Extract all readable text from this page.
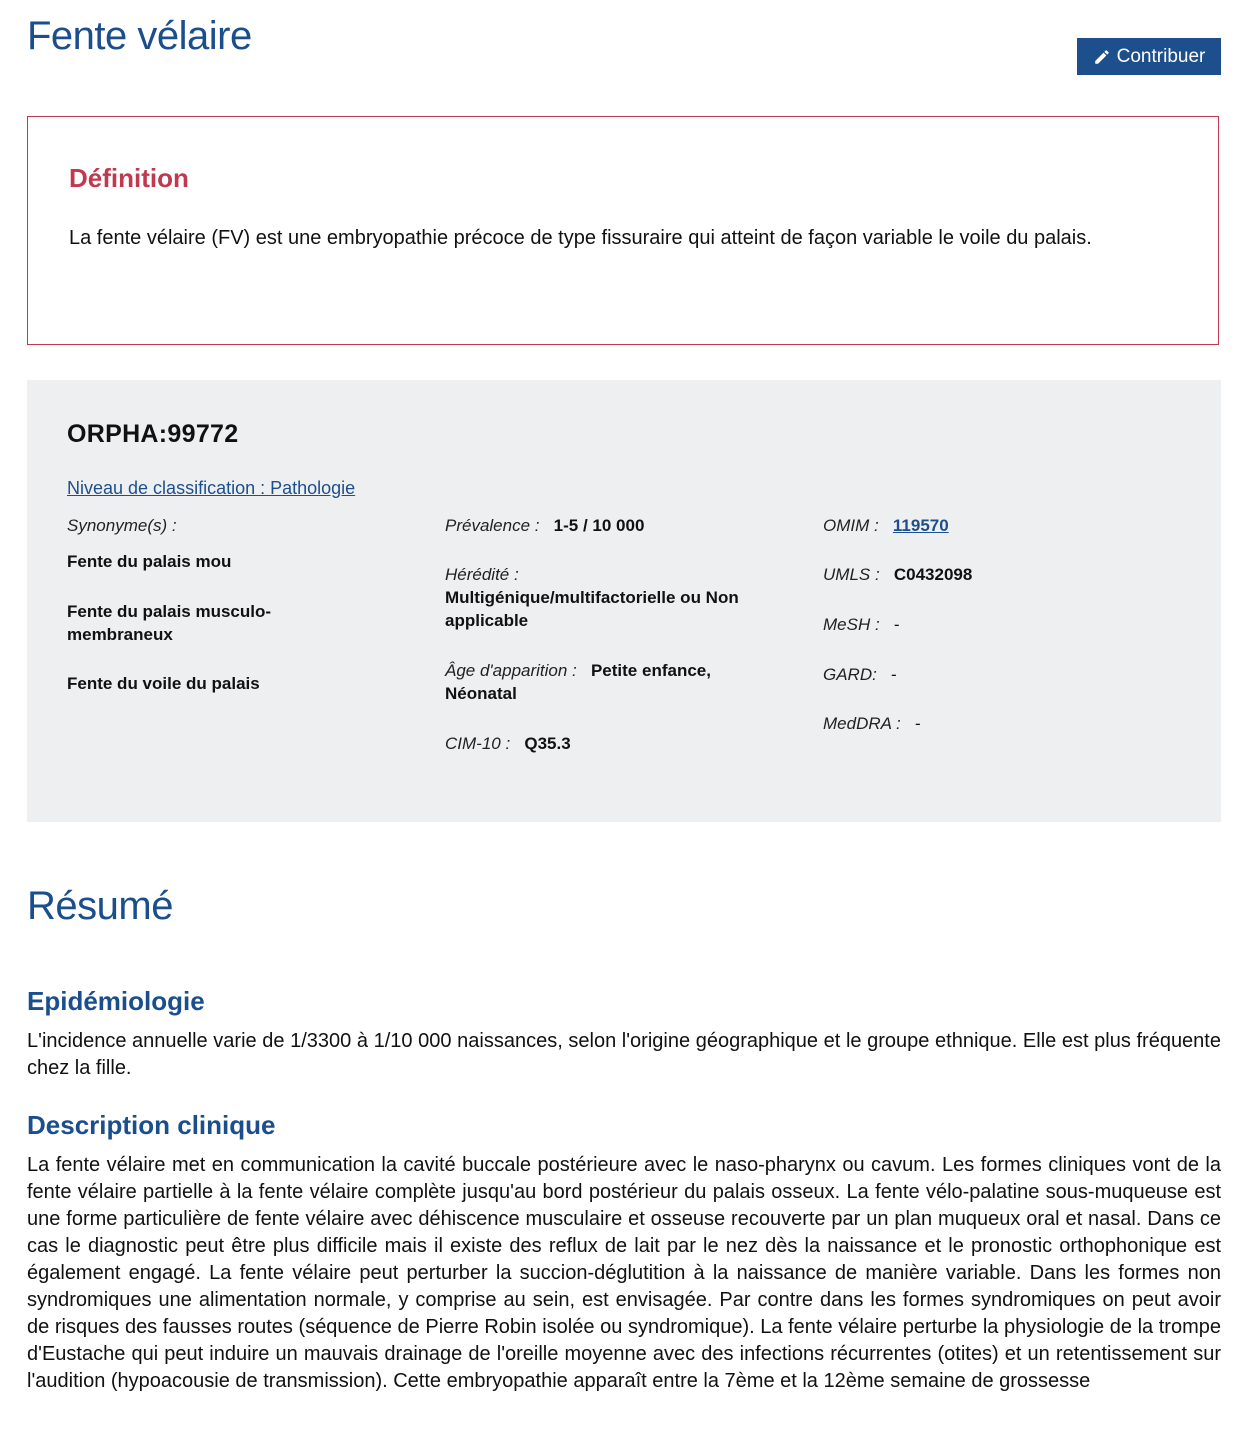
Fente vélaire	Contribuer
Définition

La fente vélaire (FV) est une embryopathie précoce de type fissuraire qui atteint de façon variable le voile du palais.

ORPHA:99772
Niveau de classification : Pathologie
Synonyme(s) :
Fente du palais mou
Fente du palais musculo-membraneux
Fente du voile du palais
Prévalence : 1-5 / 10 000
Hérédité :
Multigénique/multifactorielle ou Non applicable
Âge d'apparition : Petite enfance, Néonatal
CIM-10 : Q35.3
OMIM : 119570
UMLS : C0432098
MeSH : -
GARD: -
MedDRA : -
Résumé
Epidémiologie

L'incidence annuelle varie de 1/3300 à 1/10 000 naissances, selon l'origine géographique et le groupe ethnique. Elle est plus fréquente chez la fille.

Description clinique

La fente vélaire met en communication la cavité buccale postérieure avec le naso-pharynx ou cavum. Les formes cliniques vont de la fente vélaire partielle à la fente vélaire complète jusqu'au bord postérieur du palais osseux. La fente vélo-palatine sous-muqueuse est une forme particulière de fente vélaire avec déhiscence musculaire et osseuse recouverte par un plan muqueux oral et nasal. Dans ce cas le diagnostic peut être plus difficile mais il existe des reflux de lait par le nez dès la naissance et le pronostic orthophonique est également engagé. La fente vélaire peut perturber la succion-déglutition à la naissance de manière variable. Dans les formes non syndromiques une alimentation normale, y comprise au sein, est envisagée. Par contre dans les formes syndromiques on peut avoir de risques des fausses routes (séquence de Pierre Robin isolée ou syndromique). La fente vélaire perturbe la physiologie de la trompe d'Eustache qui peut induire un mauvais drainage de l'oreille moyenne avec des infections récurrentes (otites) et un retentissement sur l'audition (hypoacousie de transmission). Cette embryopathie apparaît entre la 7ème et la 12ème semaine de grossesse
